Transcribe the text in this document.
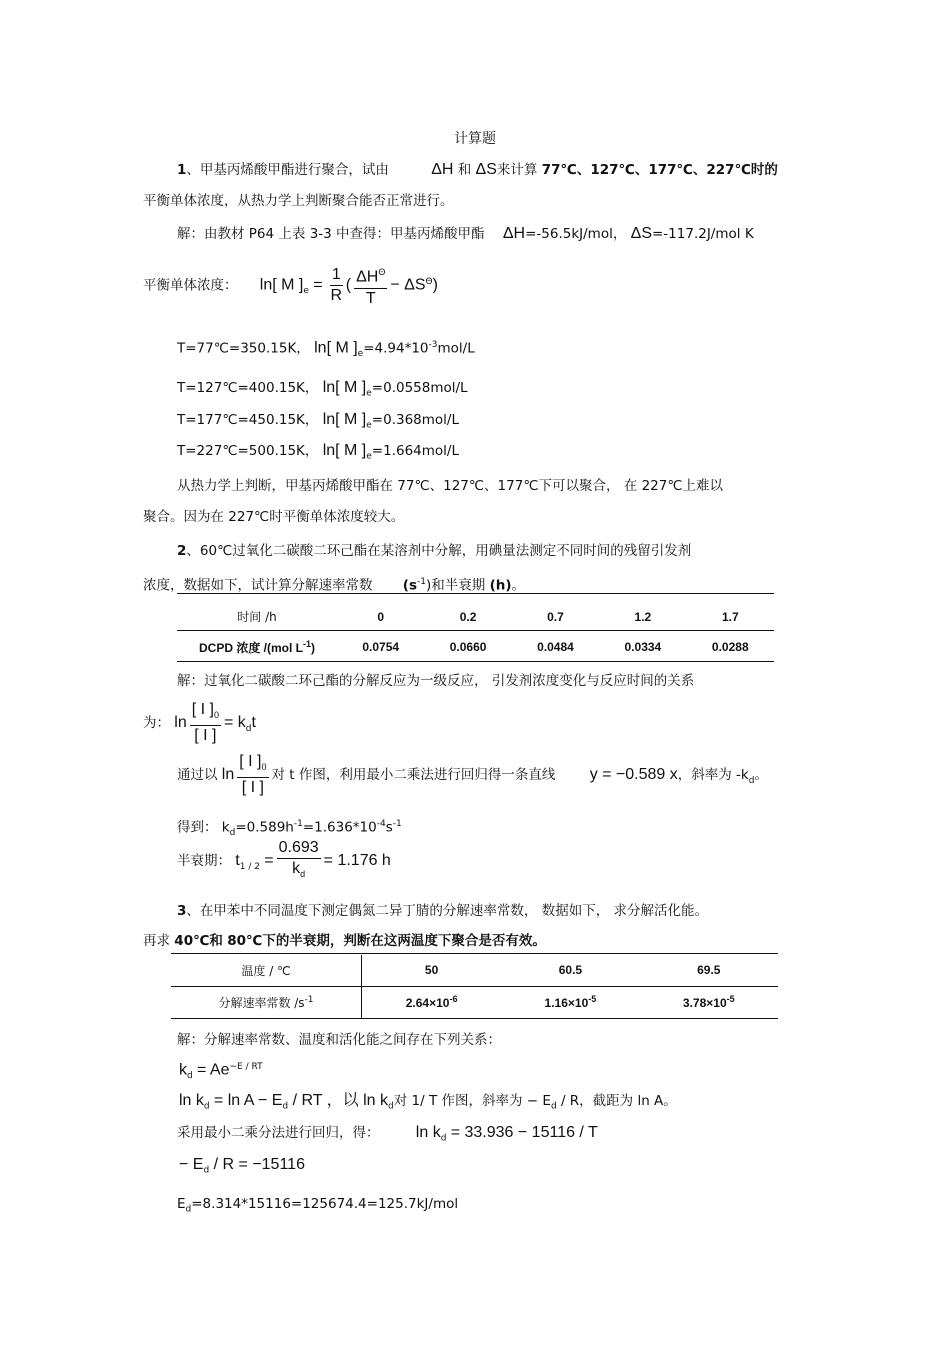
计算题
1、甲基丙烯酸甲酯进行聚合，试由	ΔH 和 ΔS来计算 77℃、127℃、177℃、227℃时的
平衡单体浓度，从热力学上判断聚合能否正常进行。
解：由教材 P64 上表 3-3 中查得：甲基丙烯酸甲酯 ΔH=-56.5kJ/mol， ΔS=-117.2J/mol K
平衡单体浓度： ln[ M ]$_e = \frac{1}{R}$ ( $\frac{\Delta H^\Theta}{T} - \Delta S^\Theta$)
T=77℃=350.15K， ln[ M ]$_e=4.94*10^{-3}mol/L$
T=127℃=400.15K， ln[ M ]$_e=0.0558mol/L$
T=177℃=450.15K， ln[ M ]$_e=0.368mol/L$
T=227℃=500.15K， ln[ M ]$_e=1.664mol/L$
从热力学上判断，甲基丙烯酸甲酯在 77℃、127℃、177℃下可以聚合， 在 227℃上难以
聚合。因为在 227℃时平衡单体浓度较大。
2、60℃过氧化二碳酸二环己酯在某溶剂中分解，用碘量法测定不同时间的残留引发剂
浓度，数据如下，试计算分解速率常数 $(s^{-1})$和半衰期 (h)。
时间 /h	0	0.2	0.7	1.2	1.7
DCPD 浓度 /(mol $L^{-1}$)	0.0754	0.0660	0.0484	0.0334	0.0288
解：过氧化二碳酸二环己酯的分解反应为一级反应， 引发剂浓度变化与反应时间的关系
为： $\ln \frac{[ I ]_0}{[ I ]} = k_dt$
通过以 $\ln \frac{[ I ]_0}{[ I ]}$ 对 t 作图，利用最小二乘法进行回归得一条直线 y = −0.589 x，斜率为 $-k_d$。
得到： $k_d=0.589h^{-1}=1.636*10^{-4}s^{-1}$
半衰期： $t_{1 / 2} = \frac{0.693}{k_d} = 1.176$ h
3、在甲苯中不同温度下测定偶氮二异丁腈的分解速率常数， 数据如下， 求分解活化能。
再求 40℃和 80℃下的半衰期，判断在这两温度下聚合是否有效。
温度 / ℃	50	60.5	69.5
分解速率常数 $/s^{-1}$	$2.64\times 10^{-6}$	$1.16\times 10^{-5}$	$3.78\times 10^{-5}$
解：分解速率常数、温度和活化能之间存在下列关系：
$k_d = Ae^{-E / RT}$
$\ln k_d = \ln A - E_d$ / RT ，以 $\ln k_d$对 1/ T 作图，斜率为 − $E_d$ / R，截距为 ln A。
采用最小二乘分法进行回归，得： $\ln k_d = 33.936 - 15116 / T$
− $E_d / R = -15116$
$E_d=8.314*15116=125674.4=125.7kJ$/mol
